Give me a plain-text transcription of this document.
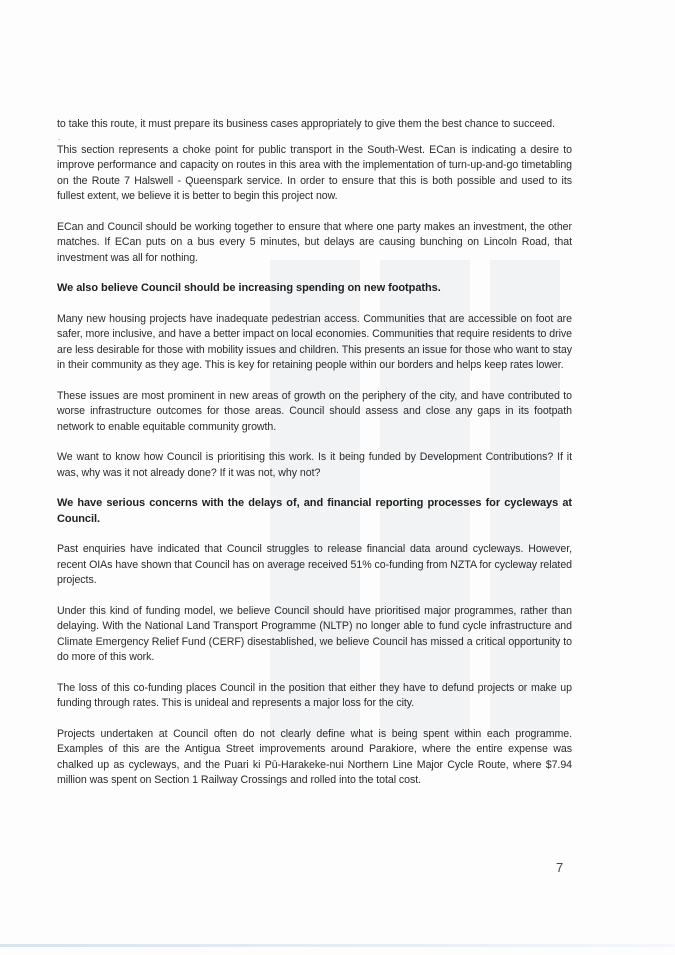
to take this route, it must prepare its business cases appropriately to give them the best chance to succeed.

.

This section represents a choke point for public transport in the South-West. ECan is indicating a desire to improve performance and capacity on routes in this area with the implementation of turn-up-and-go timetabling on the Route 7 Halswell - Queenspark service. In order to ensure that this is both possible and used to its fullest extent, we believe it is better to begin this project now.

ECan and Council should be working together to ensure that where one party makes an investment, the other matches. If ECan puts on a bus every 5 minutes, but delays are causing bunching on Lincoln Road, that investment was all for nothing.

We also believe Council should be increasing spending on new footpaths.

Many new housing projects have inadequate pedestrian access. Communities that are accessible on foot are safer, more inclusive, and have a better impact on local economies. Communities that require residents to drive are less desirable for those with mobility issues and children. This presents an issue for those who want to stay in their community as they age. This is key for retaining people within our borders and helps keep rates lower.

These issues are most prominent in new areas of growth on the periphery of the city, and have contributed to worse infrastructure outcomes for those areas. Council should assess and close any gaps in its footpath network to enable equitable community growth.

We want to know how Council is prioritising this work. Is it being funded by Development Contributions? If it was, why was it not already done? If it was not, why not?

We have serious concerns with the delays of, and financial reporting processes for cycleways at Council.

Past enquiries have indicated that Council struggles to release financial data around cycleways. However, recent OIAs have shown that Council has on average received 51% co-funding from NZTA for cycleway related projects.

Under this kind of funding model, we believe Council should have prioritised major programmes, rather than delaying. With the National Land Transport Programme (NLTP) no longer able to fund cycle infrastructure and Climate Emergency Relief Fund (CERF) disestablished, we believe Council has missed a critical opportunity to do more of this work.

The loss of this co-funding places Council in the position that either they have to defund projects or make up funding through rates. This is unideal and represents a major loss for the city.

Projects undertaken at Council often do not clearly define what is being spent within each programme. Examples of this are the Antigua Street improvements around Parakiore, where the entire expense was chalked up as cycleways, and the Puari ki Pū-Harakeke-nui Northern Line Major Cycle Route, where $7.94 million was spent on Section 1 Railway Crossings and rolled into the total cost.

7
